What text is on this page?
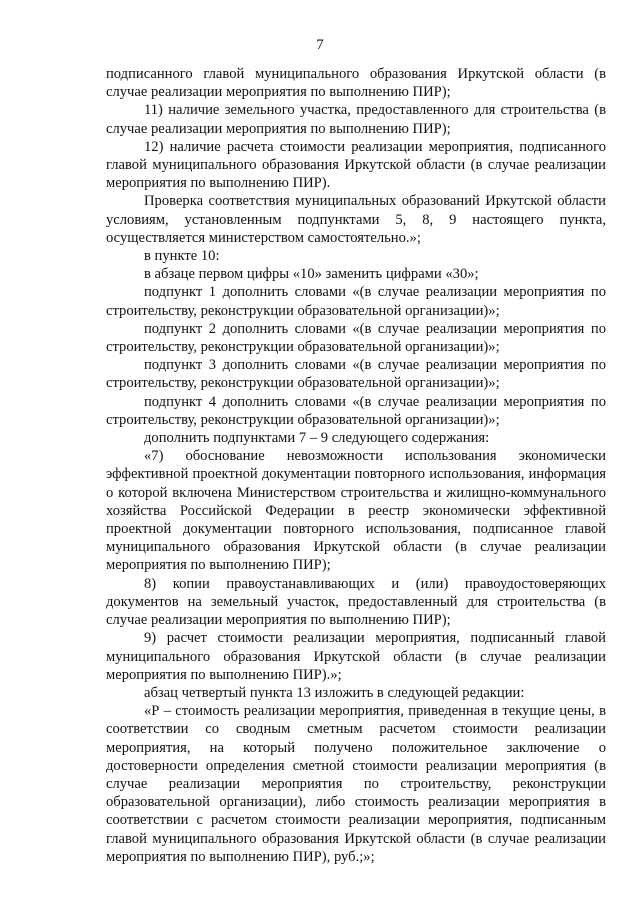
7

подписанного главой муниципального образования Иркутской области (в случае реализации мероприятия по выполнению ПИР);

11) наличие земельного участка, предоставленного для строительства (в случае реализации мероприятия по выполнению ПИР);

12) наличие расчета стоимости реализации мероприятия, подписанного главой муниципального образования Иркутской области (в случае реализации мероприятия по выполнению ПИР).

Проверка соответствия муниципальных образований Иркутской области условиям, установленным подпунктами 5, 8, 9 настоящего пункта, осуществляется министерством самостоятельно.»;

в пункте 10:

в абзаце первом цифры «10» заменить цифрами «30»;

подпункт 1 дополнить словами «(в случае реализации мероприятия по строительству, реконструкции образовательной организации)»;

подпункт 2 дополнить словами «(в случае реализации мероприятия по строительству, реконструкции образовательной организации)»;

подпункт 3 дополнить словами «(в случае реализации мероприятия по строительству, реконструкции образовательной организации)»;

подпункт 4 дополнить словами «(в случае реализации мероприятия по строительству, реконструкции образовательной организации)»;

дополнить подпунктами 7 – 9 следующего содержания:

«7) обоснование невозможности использования экономически эффективной проектной документации повторного использования, информация о которой включена Министерством строительства и жилищно-коммунального хозяйства Российской Федерации в реестр экономически эффективной проектной документации повторного использования, подписанное главой муниципального образования Иркутской области (в случае реализации мероприятия по выполнению ПИР);

8) копии правоустанавливающих и (или) правоудостоверяющих документов на земельный участок, предоставленный для строительства (в случае реализации мероприятия по выполнению ПИР);

9) расчет стоимости реализации мероприятия, подписанный главой муниципального образования Иркутской области (в случае реализации мероприятия по выполнению ПИР).»;

абзац четвертый пункта 13 изложить в следующей редакции:

«Р – стоимость реализации мероприятия, приведенная в текущие цены, в соответствии со сводным сметным расчетом стоимости реализации мероприятия, на который получено положительное заключение о достоверности определения сметной стоимости реализации мероприятия (в случае реализации мероприятия по строительству, реконструкции образовательной организации), либо стоимость реализации мероприятия в соответствии с расчетом стоимости реализации мероприятия, подписанным главой муниципального образования Иркутской области (в случае реализации мероприятия по выполнению ПИР), руб.;»;
